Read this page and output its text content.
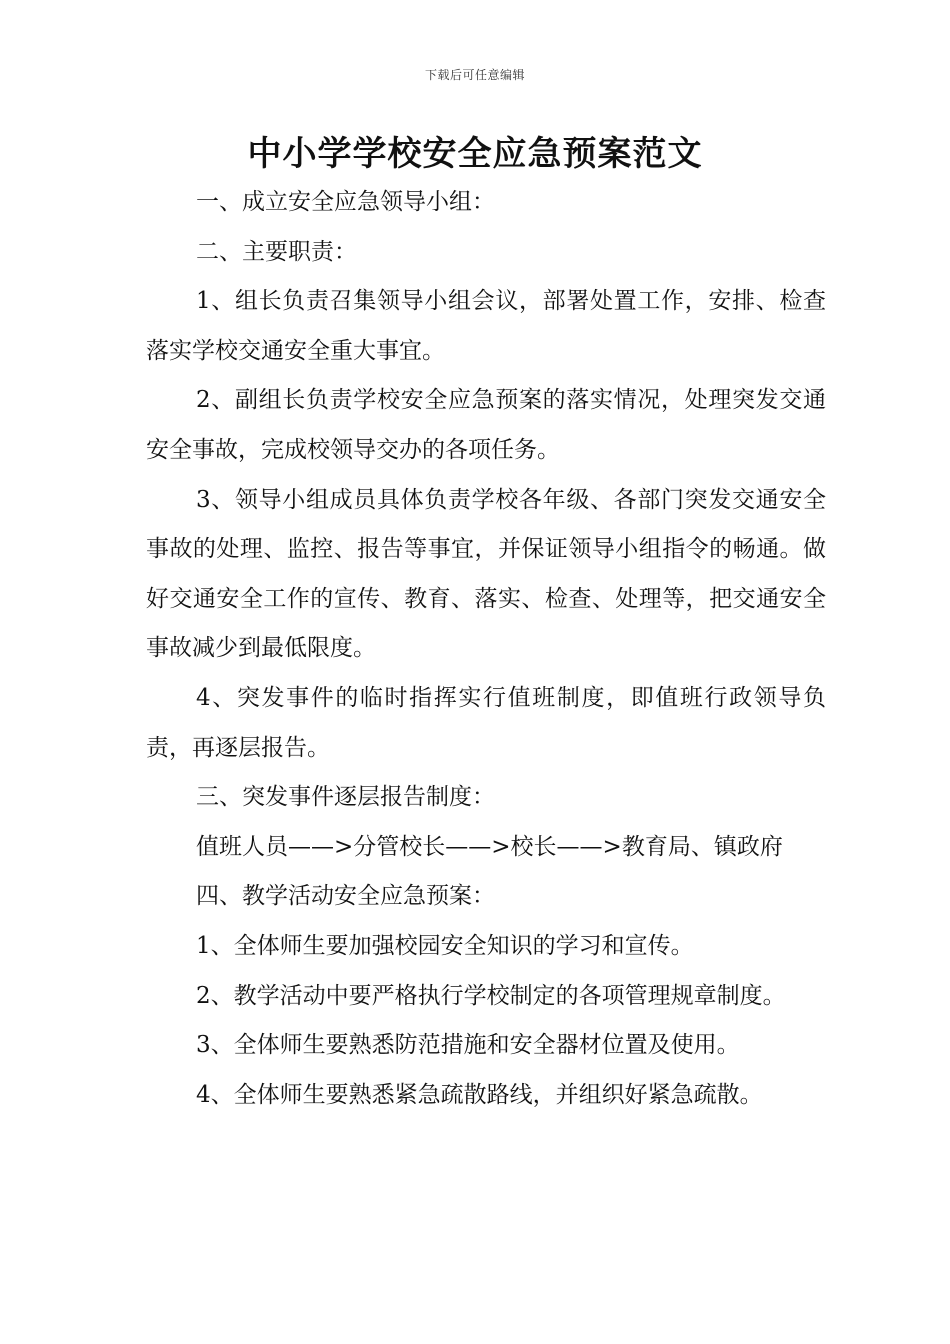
下载后可任意编辑
中小学学校安全应急预案范文

一、成立安全应急领导小组：

二、主要职责：

1、组长负责召集领导小组会议，部署处置工作，安排、检查落实学校交通安全重大事宜。

2、副组长负责学校安全应急预案的落实情况，处理突发交通安全事故，完成校领导交办的各项任务。

3、领导小组成员具体负责学校各年级、各部门突发交通安全事故的处理、监控、报告等事宜，并保证领导小组指令的畅通。做好交通安全工作的宣传、教育、落实、检查、处理等，把交通安全事故减少到最低限度。

4、突发事件的临时指挥实行值班制度，即值班行政领导负责，再逐层报告。

三、突发事件逐层报告制度：

值班人员——>分管校长——>校长——>教育局、镇政府

四、教学活动安全应急预案：

1、全体师生要加强校园安全知识的学习和宣传。

2、教学活动中要严格执行学校制定的各项管理规章制度。

3、全体师生要熟悉防范措施和安全器材位置及使用。

4、全体师生要熟悉紧急疏散路线，并组织好紧急疏散。
